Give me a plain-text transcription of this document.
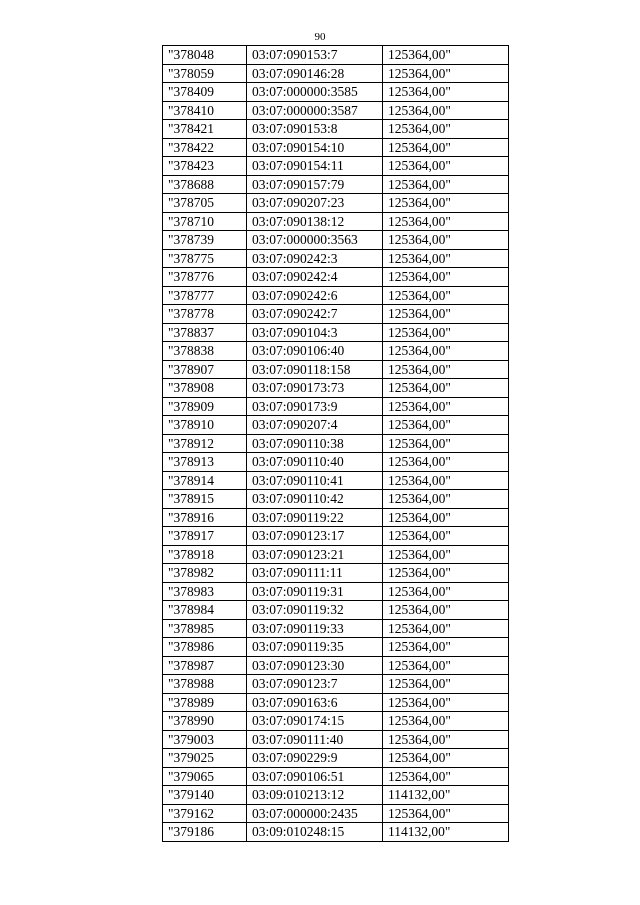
90
"378048	03:07:090153:7	125364,00"
"378059	03:07:090146:28	125364,00"
"378409	03:07:000000:3585	125364,00"
"378410	03:07:000000:3587	125364,00"
"378421	03:07:090153:8	125364,00"
"378422	03:07:090154:10	125364,00"
"378423	03:07:090154:11	125364,00"
"378688	03:07:090157:79	125364,00"
"378705	03:07:090207:23	125364,00"
"378710	03:07:090138:12	125364,00"
"378739	03:07:000000:3563	125364,00"
"378775	03:07:090242:3	125364,00"
"378776	03:07:090242:4	125364,00"
"378777	03:07:090242:6	125364,00"
"378778	03:07:090242:7	125364,00"
"378837	03:07:090104:3	125364,00"
"378838	03:07:090106:40	125364,00"
"378907	03:07:090118:158	125364,00"
"378908	03:07:090173:73	125364,00"
"378909	03:07:090173:9	125364,00"
"378910	03:07:090207:4	125364,00"
"378912	03:07:090110:38	125364,00"
"378913	03:07:090110:40	125364,00"
"378914	03:07:090110:41	125364,00"
"378915	03:07:090110:42	125364,00"
"378916	03:07:090119:22	125364,00"
"378917	03:07:090123:17	125364,00"
"378918	03:07:090123:21	125364,00"
"378982	03:07:090111:11	125364,00"
"378983	03:07:090119:31	125364,00"
"378984	03:07:090119:32	125364,00"
"378985	03:07:090119:33	125364,00"
"378986	03:07:090119:35	125364,00"
"378987	03:07:090123:30	125364,00"
"378988	03:07:090123:7	125364,00"
"378989	03:07:090163:6	125364,00"
"378990	03:07:090174:15	125364,00"
"379003	03:07:090111:40	125364,00"
"379025	03:07:090229:9	125364,00"
"379065	03:07:090106:51	125364,00"
"379140	03:09:010213:12	114132,00"
"379162	03:07:000000:2435	125364,00"
"379186	03:09:010248:15	114132,00"
